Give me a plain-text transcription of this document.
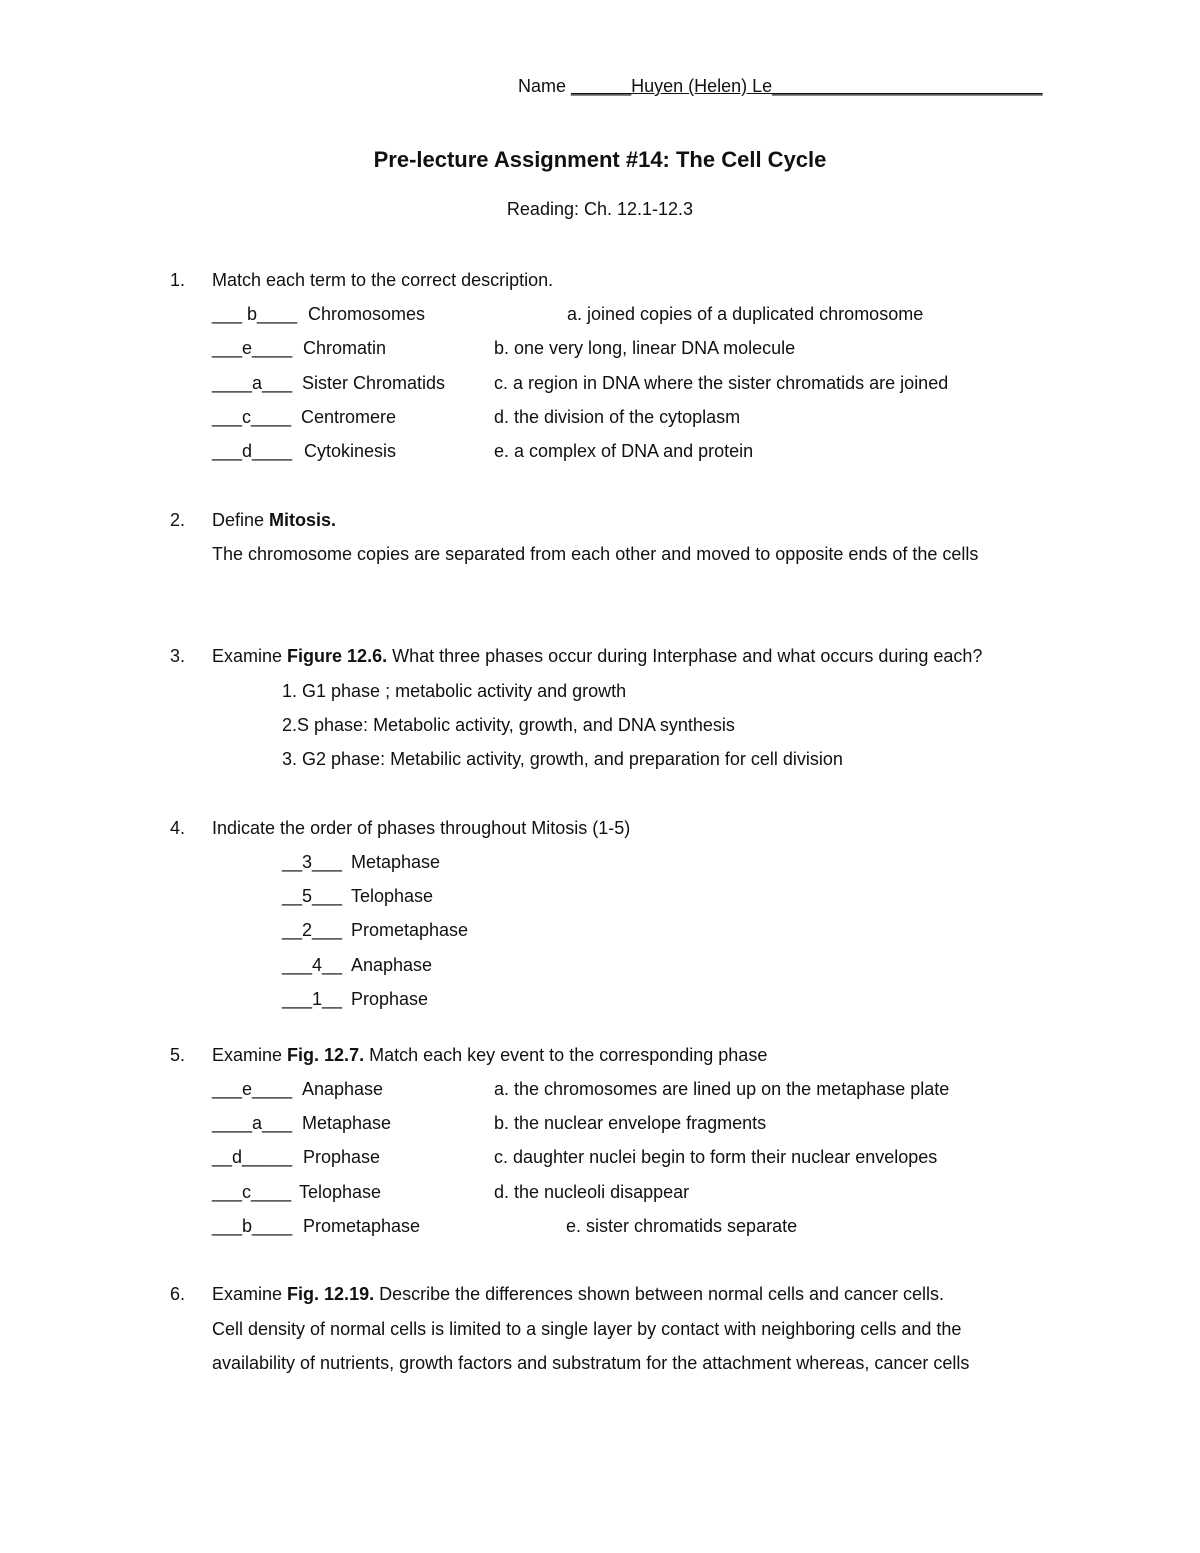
Name ______Huyen (Helen) Le___________________________
Pre-lecture Assignment #14: The Cell Cycle
Reading: Ch. 12.1-12.3
1. Match each term to the correct description.
___ b____ Chromosomes	a. joined copies of a duplicated chromosome
___e____ Chromatin	b. one very long, linear DNA molecule
____a___ Sister Chromatids	c. a region in DNA where the sister chromatids are joined
___c____ Centromere	d. the division of the cytoplasm
___d____ Cytokinesis	e. a complex of DNA and protein
2. Define Mitosis.
The chromosome copies are separated from each other and moved to opposite ends of the cells
3. Examine Figure 12.6. What three phases occur during Interphase and what occurs during each?
1. G1 phase ; metabolic activity and growth
2.S phase: Metabolic activity, growth, and DNA synthesis
3. G2 phase: Metabilic activity, growth, and preparation for cell division
4. Indicate the order of phases throughout Mitosis (1-5)
__3___ Metaphase
__5___ Telophase
__2___ Prometaphase
___4__ Anaphase
___1__ Prophase
5. Examine Fig. 12.7. Match each key event to the corresponding phase
___e____ Anaphase	a. the chromosomes are lined up on the metaphase plate
____a___ Metaphase	b. the nuclear envelope fragments
__d_____ Prophase	c. daughter nuclei begin to form their nuclear envelopes
___c____ Telophase	d. the nucleoli disappear
___b____ Prometaphase	e. sister chromatids separate
6. Examine Fig. 12.19. Describe the differences shown between normal cells and cancer cells.
Cell density of normal cells is limited to a single layer by contact with neighboring cells and the
availability of nutrients, growth factors and substratum for the attachment whereas, cancer cells
